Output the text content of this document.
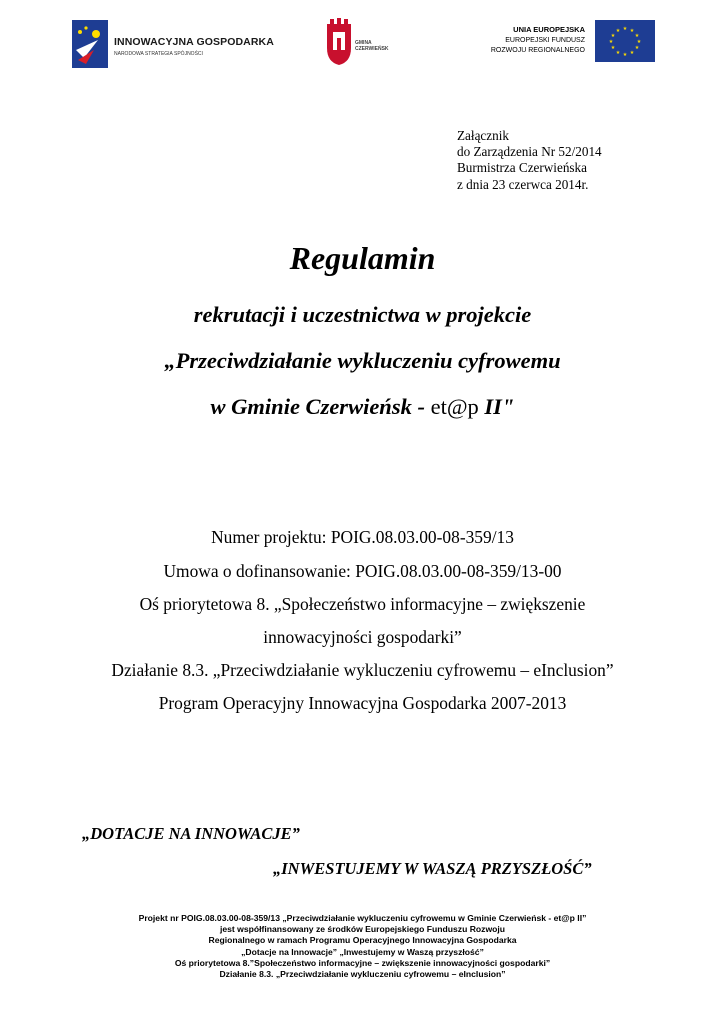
INNOWACYJNA GOSPODARKA
NARODOWA STRATEGIA SPÓJNOŚCI
GMINA
CZERWIEŃSK
UNIA EUROPEJSKA
EUROPEJSKI FUNDUSZ
ROZWOJU REGIONALNEGO
★ ★
★
★
★
★
★
★
★
★
★
★
Załącznik
do Zarządzenia Nr 52/2014
Burmistrza Czerwieńska
z dnia 23 czerwca 2014r.
Regulamin
rekrutacji i uczestnictwa w projekcie
„Przeciwdziałanie wykluczeniu cyfrowemu
w Gminie Czerwieńsk - et@p II"
Numer projektu: POIG.08.03.00-08-359/13
Umowa o dofinansowanie: POIG.08.03.00-08-359/13-00
Oś priorytetowa 8. „Społeczeństwo informacyjne – zwiększenie
innowacyjności gospodarki”
Działanie 8.3. „Przeciwdziałanie wykluczeniu cyfrowemu – eInclusion”
Program Operacyjny Innowacyjna Gospodarka 2007-2013
„DOTACJE NA INNOWACJE”
„INWESTUJEMY W WASZĄ PRZYSZŁOŚĆ”
Projekt nr POIG.08.03.00-08-359/13 „Przeciwdziałanie wykluczeniu cyfrowemu w Gminie Czerwieńsk - et@p II”
jest współfinansowany ze środków Europejskiego Funduszu Rozwoju
Regionalnego w ramach Programu Operacyjnego Innowacyjna Gospodarka
„Dotacje na Innowacje” „Inwestujemy w Waszą przyszłość”
Oś priorytetowa 8.”Społeczeństwo informacyjne – zwiększenie innowacyjności gospodarki”
Działanie 8.3. „Przeciwdziałanie wykluczeniu cyfrowemu – eInclusion”
